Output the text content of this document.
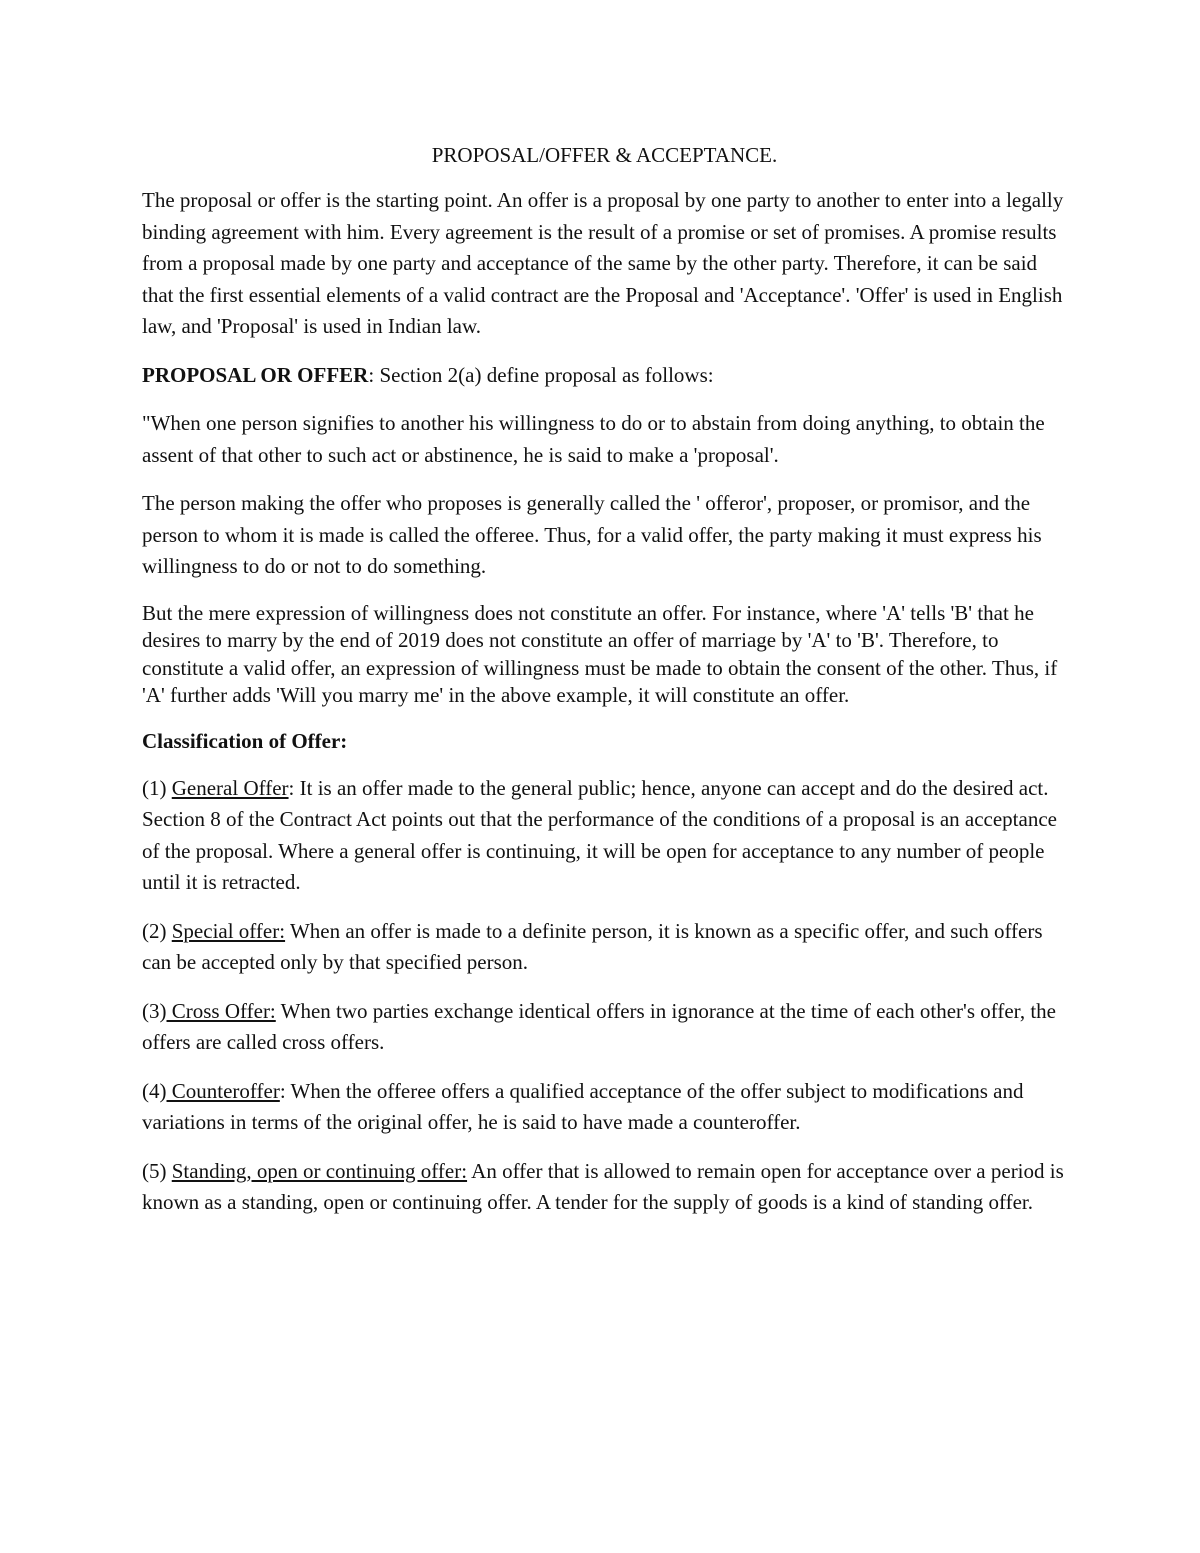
PROPOSAL/OFFER & ACCEPTANCE.

The proposal or offer is the starting point. An offer is a proposal by one party to another to enter into a legally binding agreement with him. Every agreement is the result of a promise or set of promises. A promise results from a proposal made by one party and acceptance of the same by the other party. Therefore, it can be said that the first essential elements of a valid contract are the Proposal and 'Acceptance'. 'Offer' is used in English law, and 'Proposal' is used in Indian law.

PROPOSAL OR OFFER: Section 2(a) define proposal as follows:

"When one person signifies to another his willingness to do or to abstain from doing anything, to obtain the assent of that other to such act or abstinence, he is said to make a 'proposal'.

The person making the offer who proposes is generally called the ' offeror', proposer, or promisor, and the person to whom it is made is called the offeree. Thus, for a valid offer, the party making it must express his willingness to do or not to do something.

But the mere expression of willingness does not constitute an offer. For instance, where 'A' tells 'B' that he desires to marry by the end of 2019 does not constitute an offer of marriage by 'A' to 'B'. Therefore, to constitute a valid offer, an expression of willingness must be made to obtain the consent of the other. Thus, if 'A' further adds 'Will you marry me' in the above example, it will constitute an offer.

Classification of Offer:

(1) General Offer: It is an offer made to the general public; hence, anyone can accept and do the desired act. Section 8 of the Contract Act points out that the performance of the conditions of a proposal is an acceptance of the proposal. Where a general offer is continuing, it will be open for acceptance to any number of people until it is retracted.

(2) Special offer: When an offer is made to a definite person, it is known as a specific offer, and such offers can be accepted only by that specified person.

(3) Cross Offer: When two parties exchange identical offers in ignorance at the time of each other's offer, the offers are called cross offers.

(4) Counteroffer: When the offeree offers a qualified acceptance of the offer subject to modifications and variations in terms of the original offer, he is said to have made a counteroffer.

(5) Standing, open or continuing offer: An offer that is allowed to remain open for acceptance over a period is known as a standing, open or continuing offer. A tender for the supply of goods is a kind of standing offer.
